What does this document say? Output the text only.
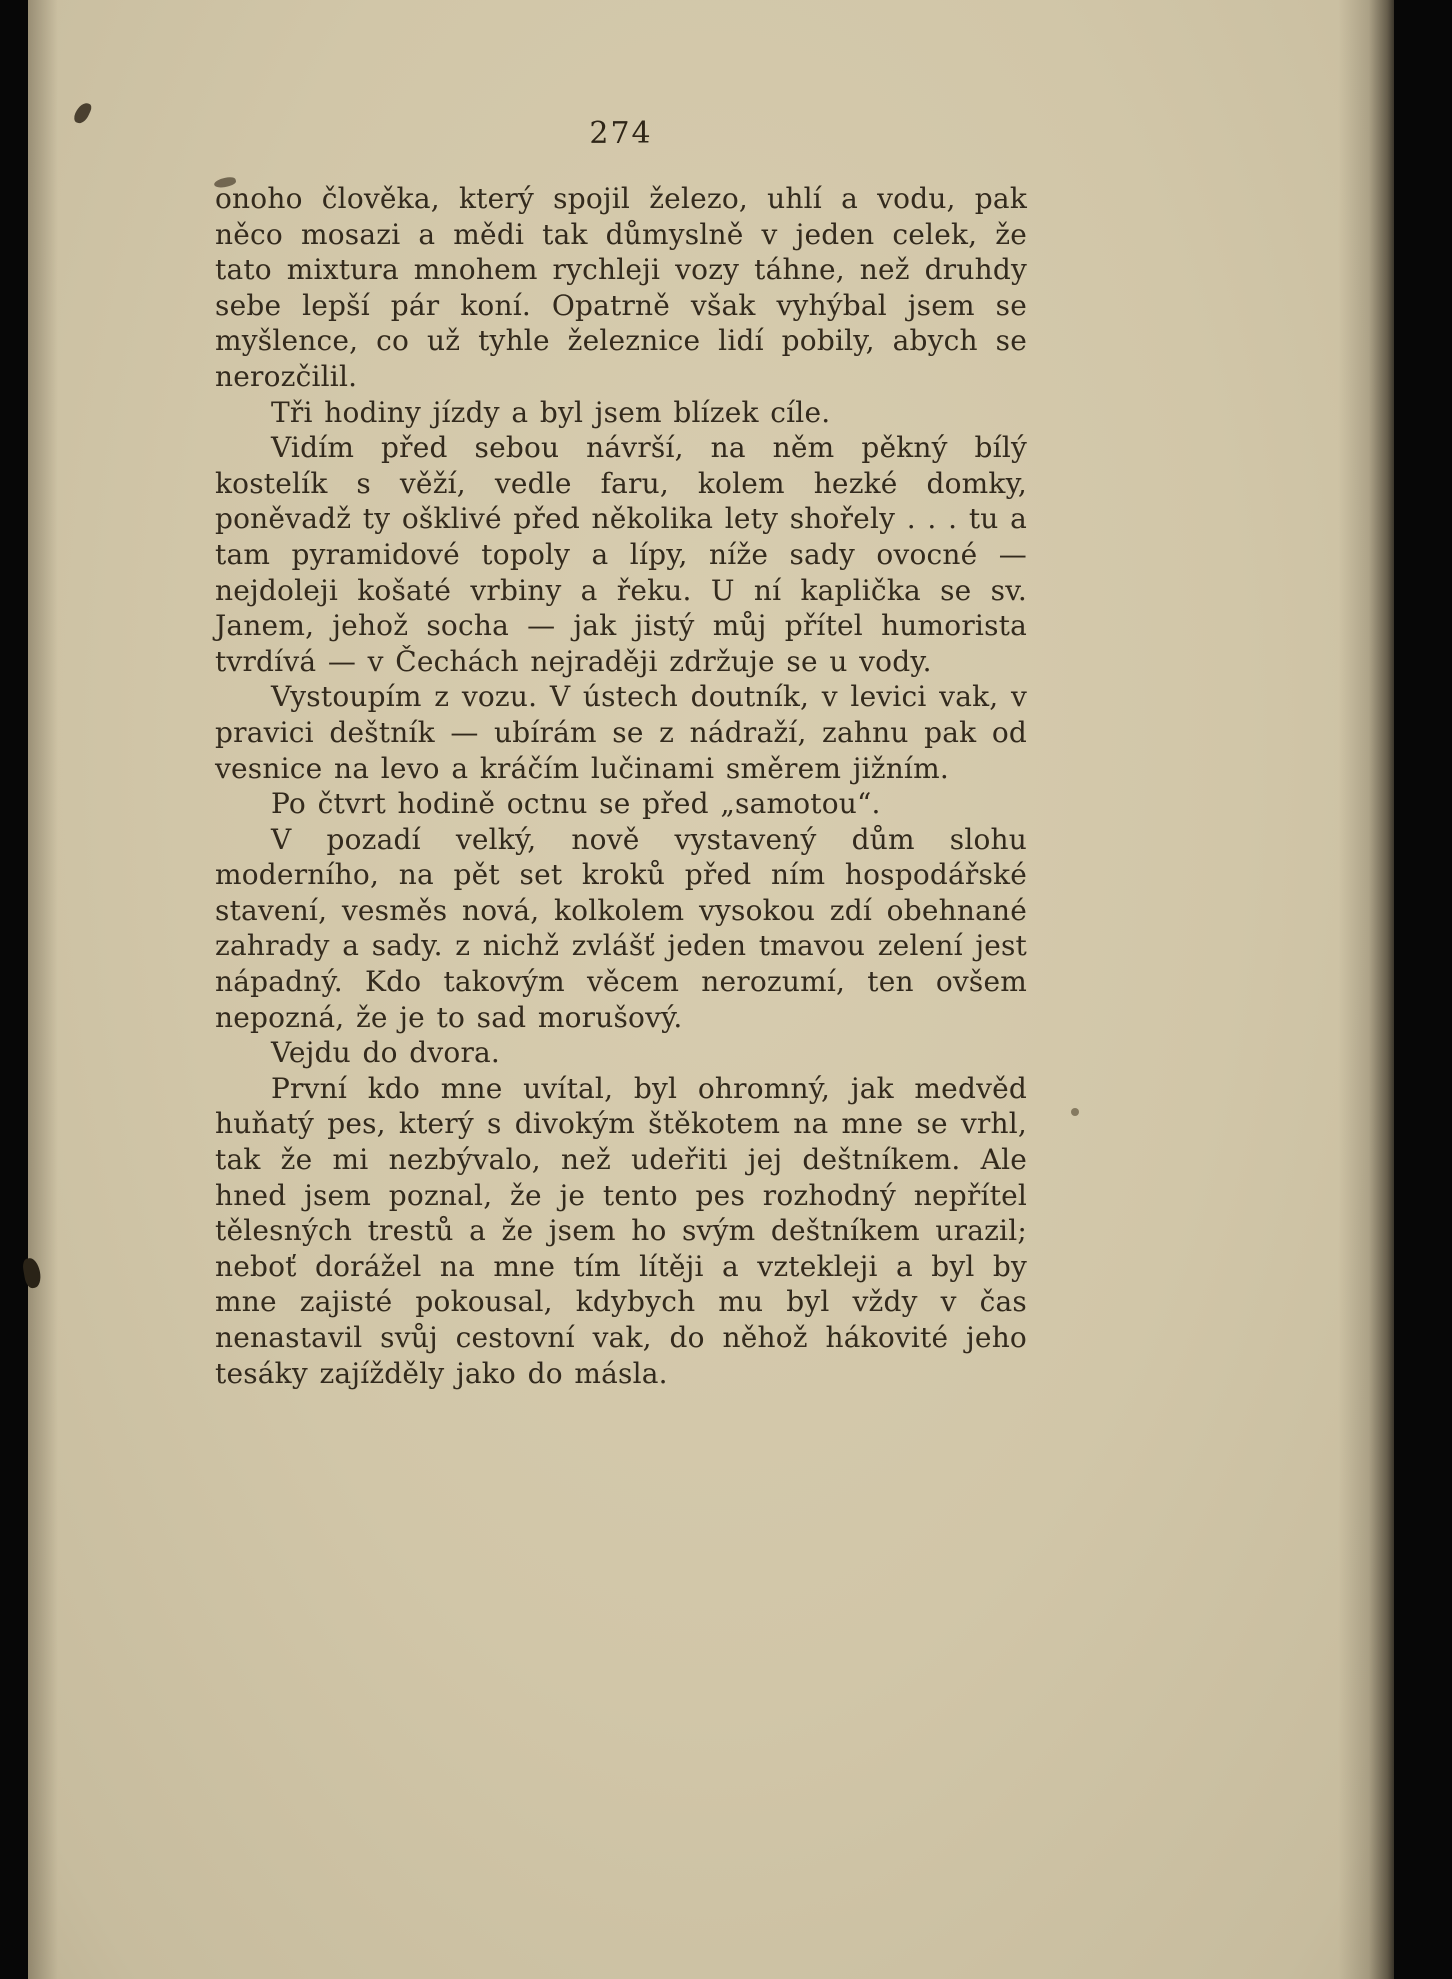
274

onoho člověka, který spojil železo, uhlí a vodu, pak něco mosazi a mědi tak důmyslně v jeden celek, že tato mixtura mnohem rychleji vozy táhne, než druhdy sebe lepší pár koní. Opatrně však vyhýbal jsem se myšlence, co už tyhle železnice lidí pobily, abych se nerozčilil.

Tři hodiny jízdy a byl jsem blízek cíle.

Vidím před sebou návrší, na něm pěkný bílý kostelík s věží, vedle faru, kolem hezké domky, poněvadž ty ošklivé před několika lety shořely . . . tu a tam pyramidové topoly a lípy, níže sady ovocné — nejdoleji košaté vrbiny a řeku. U ní kaplička se sv. Janem, jehož socha — jak jistý můj přítel humorista tvrdívá — v Čechách nejraději zdržuje se u vody.

Vystoupím z vozu. V ústech doutník, v levici vak, v pravici deštník — ubírám se z nádraží, zahnu pak od vesnice na levo a kráčím lučinami směrem jižním.

Po čtvrt hodině octnu se před „samotou“.

V pozadí velký, nově vystavený dům slohu moderního, na pět set kroků před ním hospodářské stavení, vesměs nová, kolkolem vysokou zdí obehnané zahrady a sady. z nichž zvlášť jeden tmavou zelení jest nápadný. Kdo takovým věcem nerozumí, ten ovšem nepozná, že je to sad morušový.

Vejdu do dvora.

První kdo mne uvítal, byl ohromný, jak medvěd huňatý pes, který s divokým štěkotem na mne se vrhl, tak že mi nezbývalo, než udeřiti jej deštníkem. Ale hned jsem poznal, že je tento pes rozhodný nepřítel tělesných trestů a že jsem ho svým deštníkem urazil; neboť dorážel na mne tím lítěji a vztekleji a byl by mne zajisté pokousal, kdybych mu byl vždy v čas nenastavil svůj cestovní vak, do něhož hákovité jeho tesáky zajížděly jako do másla.
